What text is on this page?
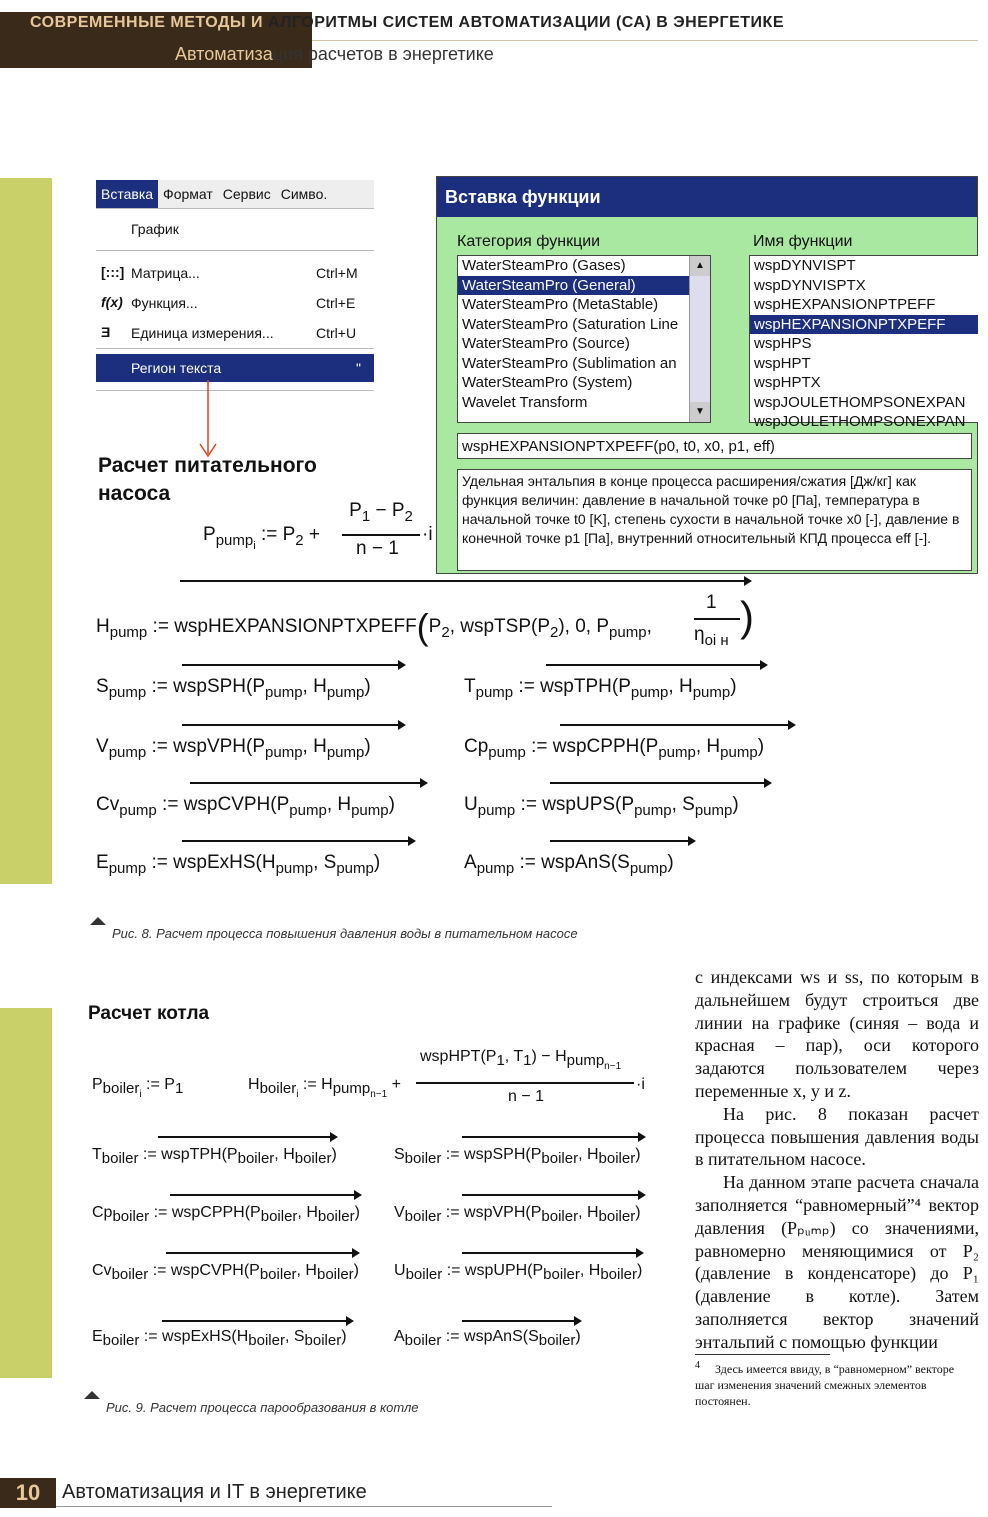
СОВРЕМЕННЫЕ МЕТОДЫ И АЛГОРИТМЫ СИСТЕМ АВТОМАТИЗАЦИИ (СА) В ЭНЕРГЕТИКЕ
Автоматизация расчетов в энергетике
Вставка Формат Сервис Симво.
График
[:::] Матрица...	Ctrl+M
f(x) Функция...	Ctrl+E
Ǝ Единица измерения...	Ctrl+U
Регион текста	"
Вставка функции
Категория функции	Имя функции
WaterSteamPro (Gases)
WaterSteamPro (General)
WaterSteamPro (MetaStable)
WaterSteamPro (Saturation Line
WaterSteamPro (Source)
WaterSteamPro (Sublimation an
WaterSteamPro (System)
Wavelet Transform
▲
▼
wspDYNVISPT
wspDYNVISPTX
wspHEXPANSIONPTPEFF
wspHEXPANSIONPTXPEFF
wspHPS
wspHPT
wspHPTX
wspJOULETHOMPSONEXPAN
wspJOULETHOMPSONEXPAN
wspHEXPANSIONPTXPEFF(p0, t0, x0, p1, eff)
Удельная энтальпия в конце процесса расширения/сжатия [Дж/кг] как функция величин: давление в начальной точке p0 [Па], температура в начальной точке t0 [K], степень сухости в начальной точке x0 [-], давление в конечной точке p1 [Па], внутренний относительный КПД процесса eff [-].
Расчет питательного насоса
$P_{pump_i}$ := $P_2$ +
$P_1 - P_2$
n − 1
·i
$H_{pump}$ := $wspHEXPANSIONPTXPEFF(P_2$, $wspTSP(P_2)$, 0, $P_{pump}$,
1
$\eta_{oi н}$
)
$S_{pump}$ := $wspSPH(P_{pump}$, $H_{pump}$)	$T_{pump}$ := $wspTPH(P_{pump}$, $H_{pump}$)
$V_{pump}$ := $wspVPH(P_{pump}$, $H_{pump}$)	$Cp_{pump}$ := $wspCPPH(P_{pump}$, $H_{pump}$)
$Cv_{pump}$ := $wspCVPH(P_{pump}$, $H_{pump}$)	$U_{pump}$ := $wspUPS(P_{pump}$, $S_{pump}$)
$E_{pump}$ := $wspExHS(H_{pump}$, $S_{pump}$)	$A_{pump}$ := $wspAnS(S_{pump})$
Рис. 8. Расчет процесса повышения давления воды в питательном насосе
Расчет котла
$P_{boiler_i}$ := $P_1$	$H_{boiler_i}$ := $H_{pump_{n-1}}$ +
$wspHPT(P_1$, $T_1) - H_{pump_{n-1}}$
n − 1
·i
$T_{boiler}$ := $wspTPH(P_{boiler}$, $H_{boiler}$)	$S_{boiler}$ := $wspSPH(P_{boiler}$, $H_{boiler}$)
$Cp_{boiler}$ := $wspCPPH(P_{boiler}$, $H_{boiler}$) $V_{boiler}$ := $wspVPH(P_{boiler}$, $H_{boiler}$)
$Cv_{boiler}$ := $wspCVPH(P_{boiler}$, $H_{boiler}$) $U_{boiler}$ := $wspUPH(P_{boiler}$, $H_{boiler}$)
$E_{boiler}$ := $wspExHS(H_{boiler}$, $S_{boiler}$)	$A_{boiler}$ := $wspAnS(S_{boiler})$
Рис. 9. Расчет процесса парообразования в котле

с индексами ws и ss, по которым в дальнейшем будут строиться две линии на графике (синяя – вода и красная – пар), оси которого задаются пользователем через переменные x, y и z.

На рис. 8 показан расчет процесса повышения давления воды в питательном насосе.

На данном этапе расчета сначала заполняется “равномерный”⁴ вектор давления (Pₚᵤₘₚ) со значениями, равномерно меняющимися от P₂ (давление в конденсаторе) до P₁ (давление в котле). Затем заполняется вектор значений энтальпий с помощью функции

$^4$ Здесь имеется ввиду, в “равномерном” векторе шаг изменения значений смежных элементов постоянен.
10	Автоматизация и IT в энергетике
